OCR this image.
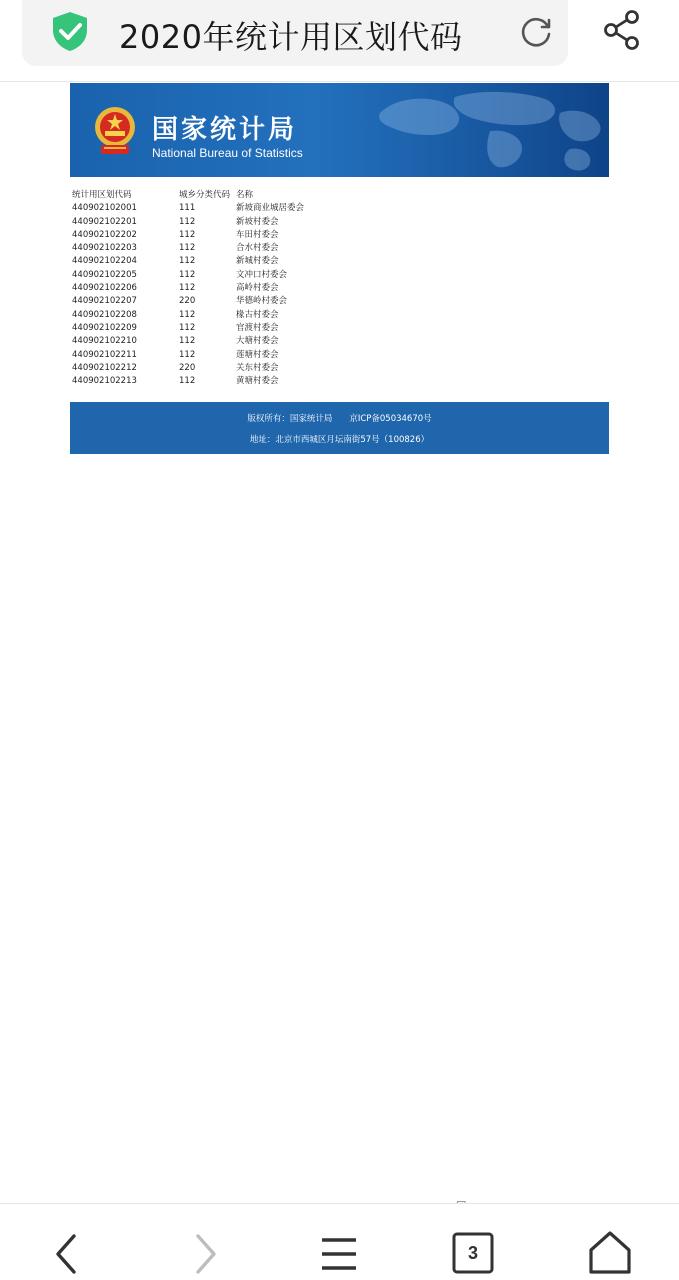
2020年统计用区划代码
国家统计局
National Bureau of Statistics
统计用区划代码	城乡分类代码 名称
440902102001	111	新坡商业城居委会
440902102201	112	新坡村委会
440902102202	112	车田村委会
440902102203	112	合水村委会
440902102204	112	新城村委会
440902102205	112	文冲口村委会
440902102206	112	高岭村委会
440902102207	220	华德岭村委会
440902102208	112	椽古村委会
440902102209	112	官渡村委会
440902102210	112	大塘村委会
440902102211	112	莲塘村委会
440902102212	220	关东村委会
440902102213	112	黄塘村委会
版权所有：国家统计局　　京ICP备05034670号
地址：北京市西城区月坛南街57号（100826）
3
